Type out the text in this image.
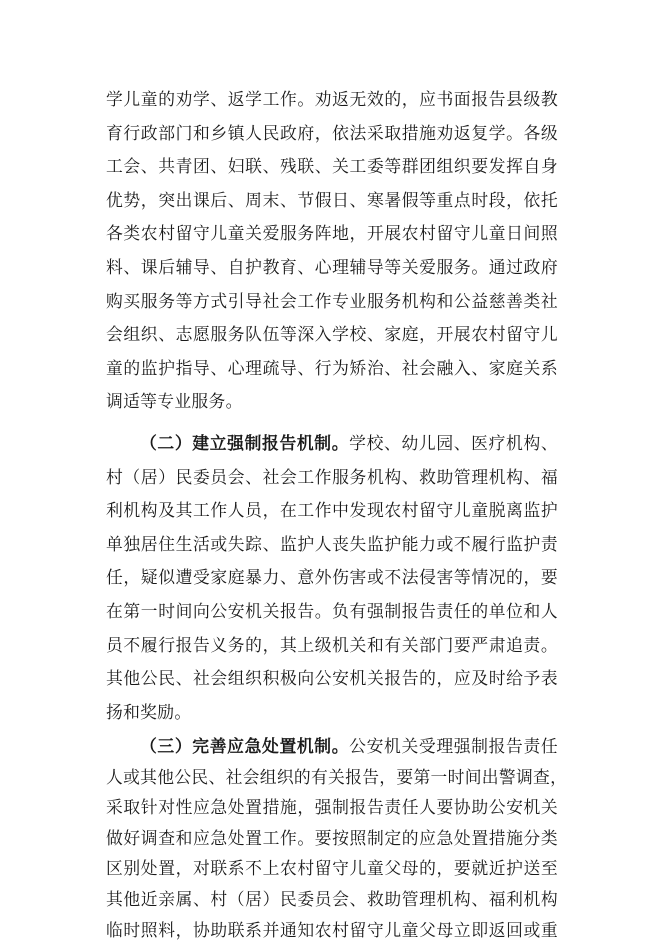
学儿童的劝学、返学工作。劝返无效的，应书面报告县级教
育行政部门和乡镇人民政府，依法采取措施劝返复学。各级
工会、共青团、妇联、残联、关工委等群团组织要发挥自身
优势，突出课后、周末、节假日、寒暑假等重点时段，依托
各类农村留守儿童关爱服务阵地，开展农村留守儿童日间照
料、课后辅导、自护教育、心理辅导等关爱服务。通过政府
购买服务等方式引导社会工作专业服务机构和公益慈善类社
会组织、志愿服务队伍等深入学校、家庭，开展农村留守儿
童的监护指导、心理疏导、行为矫治、社会融入、家庭关系
调适等专业服务。
（二）建立强制报告机制。学校、幼儿园、医疗机构、
村（居）民委员会、社会工作服务机构、救助管理机构、福
利机构及其工作人员，在工作中发现农村留守儿童脱离监护
单独居住生活或失踪、监护人丧失监护能力或不履行监护责
任，疑似遭受家庭暴力、意外伤害或不法侵害等情况的，要
在第一时间向公安机关报告。负有强制报告责任的单位和人
员不履行报告义务的，其上级机关和有关部门要严肃追责。
其他公民、社会组织积极向公安机关报告的，应及时给予表
扬和奖励。
（三）完善应急处置机制。公安机关受理强制报告责任
人或其他公民、社会组织的有关报告，要第一时间出警调查，
采取针对性应急处置措施，强制报告责任人要协助公安机关
做好调查和应急处置工作。要按照制定的应急处置措施分类
区别处置，对联系不上农村留守儿童父母的，要就近护送至
其他近亲属、村（居）民委员会、救助管理机构、福利机构
临时照料，协助联系并通知农村留守儿童父母立即返回或重
